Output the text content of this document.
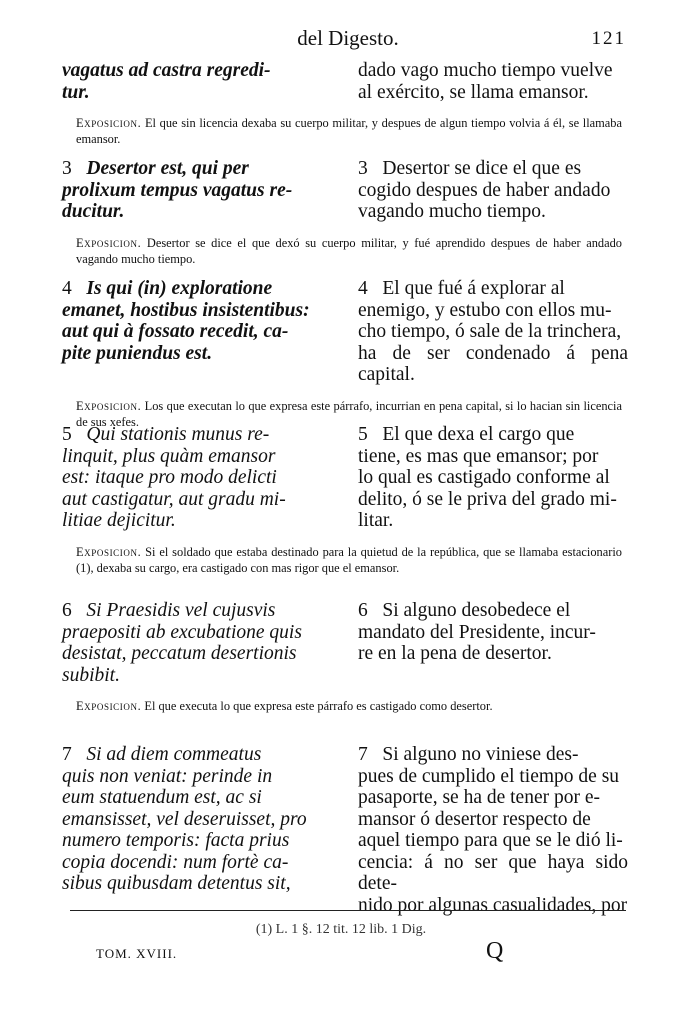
del Digesto.	121
vagatus ad castra regredi-
tur.
dado vago mucho tiempo vuelve
al exército, se llama emansor.
Exposicion. El que sin licencia dexaba su cuerpo militar, y despues de algun tiempo volvia á él, se llamaba emansor.
3 Desertor est, qui per
prolixum tempus vagatus re-
ducitur.
3 Desertor se dice el que es
cogido despues de haber andado
vagando mucho tiempo.
Exposicion. Desertor se dice el que dexó su cuerpo militar, y fué aprendido despues de haber andado vagando mucho tiempo.
4 Is qui (in) exploratione
emanet, hostibus insistentibus:
aut qui à fossato recedit, ca-
pite puniendus est.
4 El que fué á explorar al
enemigo, y estubo con ellos mu-
cho tiempo, ó sale de la trinchera,
ha de ser condenado á pena capital.
Exposicion. Los que executan lo que expresa este párrafo, incurrian en pena capital, si lo hacian sin licencia de sus xefes.
5 Qui stationis munus re-
linquit, plus quàm emansor
est: itaque pro modo delicti
aut castigatur, aut gradu mi-
litiae dejicitur.
5 El que dexa el cargo que
tiene, es mas que emansor; por
lo qual es castigado conforme al
delito, ó se le priva del grado mi-
litar.
Exposicion. Si el soldado que estaba destinado para la quietud de la república, que se llamaba estacionario (1), dexaba su cargo, era castigado con mas rigor que el emansor.
6 Si Praesidis vel cujusvis
praepositi ab excubatione quis
desistat, peccatum desertionis
subibit.
6 Si alguno desobedece el
mandato del Presidente, incur-
re en la pena de desertor.
Exposicion. El que executa lo que expresa este párrafo es castigado como desertor.
7 Si ad diem commeatus
quis non veniat: perinde in
eum statuendum est, ac si
emansisset, vel deseruisset, pro
numero temporis: facta prius
copia docendi: num fortè ca-
sibus quibusdam detentus sit,
7 Si alguno no viniese des-
pues de cumplido el tiempo de su
pasaporte, se ha de tener por e-
mansor ó desertor respecto de
aquel tiempo para que se le dió li-
cencia: á no ser que haya sido dete-
nido por algunas casualidades, por
(1) L. 1 §. 12 tit. 12 lib. 1 Dig.
TOM. XVIII.	Q
